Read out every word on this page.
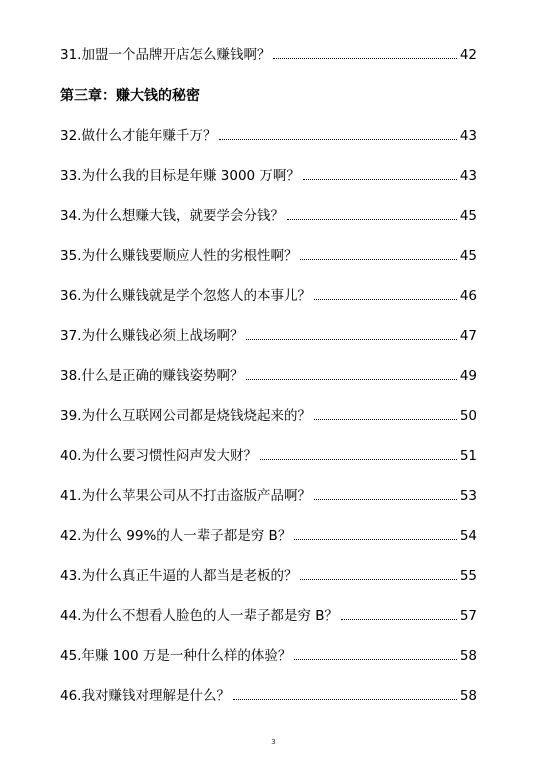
31.加盟一个品牌开店怎么赚钱啊？	42
第三章：赚大钱的秘密
32.做什么才能年赚千万？	43
33.为什么我的目标是年赚 3000 万啊？	43
34.为什么想赚大钱，就要学会分钱？	45
35.为什么赚钱要顺应人性的劣根性啊？	45
36.为什么赚钱就是学个忽悠人的本事儿？	46
37.为什么赚钱必须上战场啊？	47
38.什么是正确的赚钱姿势啊？	49
39.为什么互联网公司都是烧钱烧起来的？	50
40.为什么要习惯性闷声发大财？	51
41.为什么苹果公司从不打击盗版产品啊？	53
42.为什么 99%的人一辈子都是穷 B？	54
43.为什么真正牛逼的人都当是老板的？	55
44.为什么不想看人脸色的人一辈子都是穷 B？	57
45.年赚 100 万是一种什么样的体验？	58
46.我对赚钱对理解是什么？	58
3
